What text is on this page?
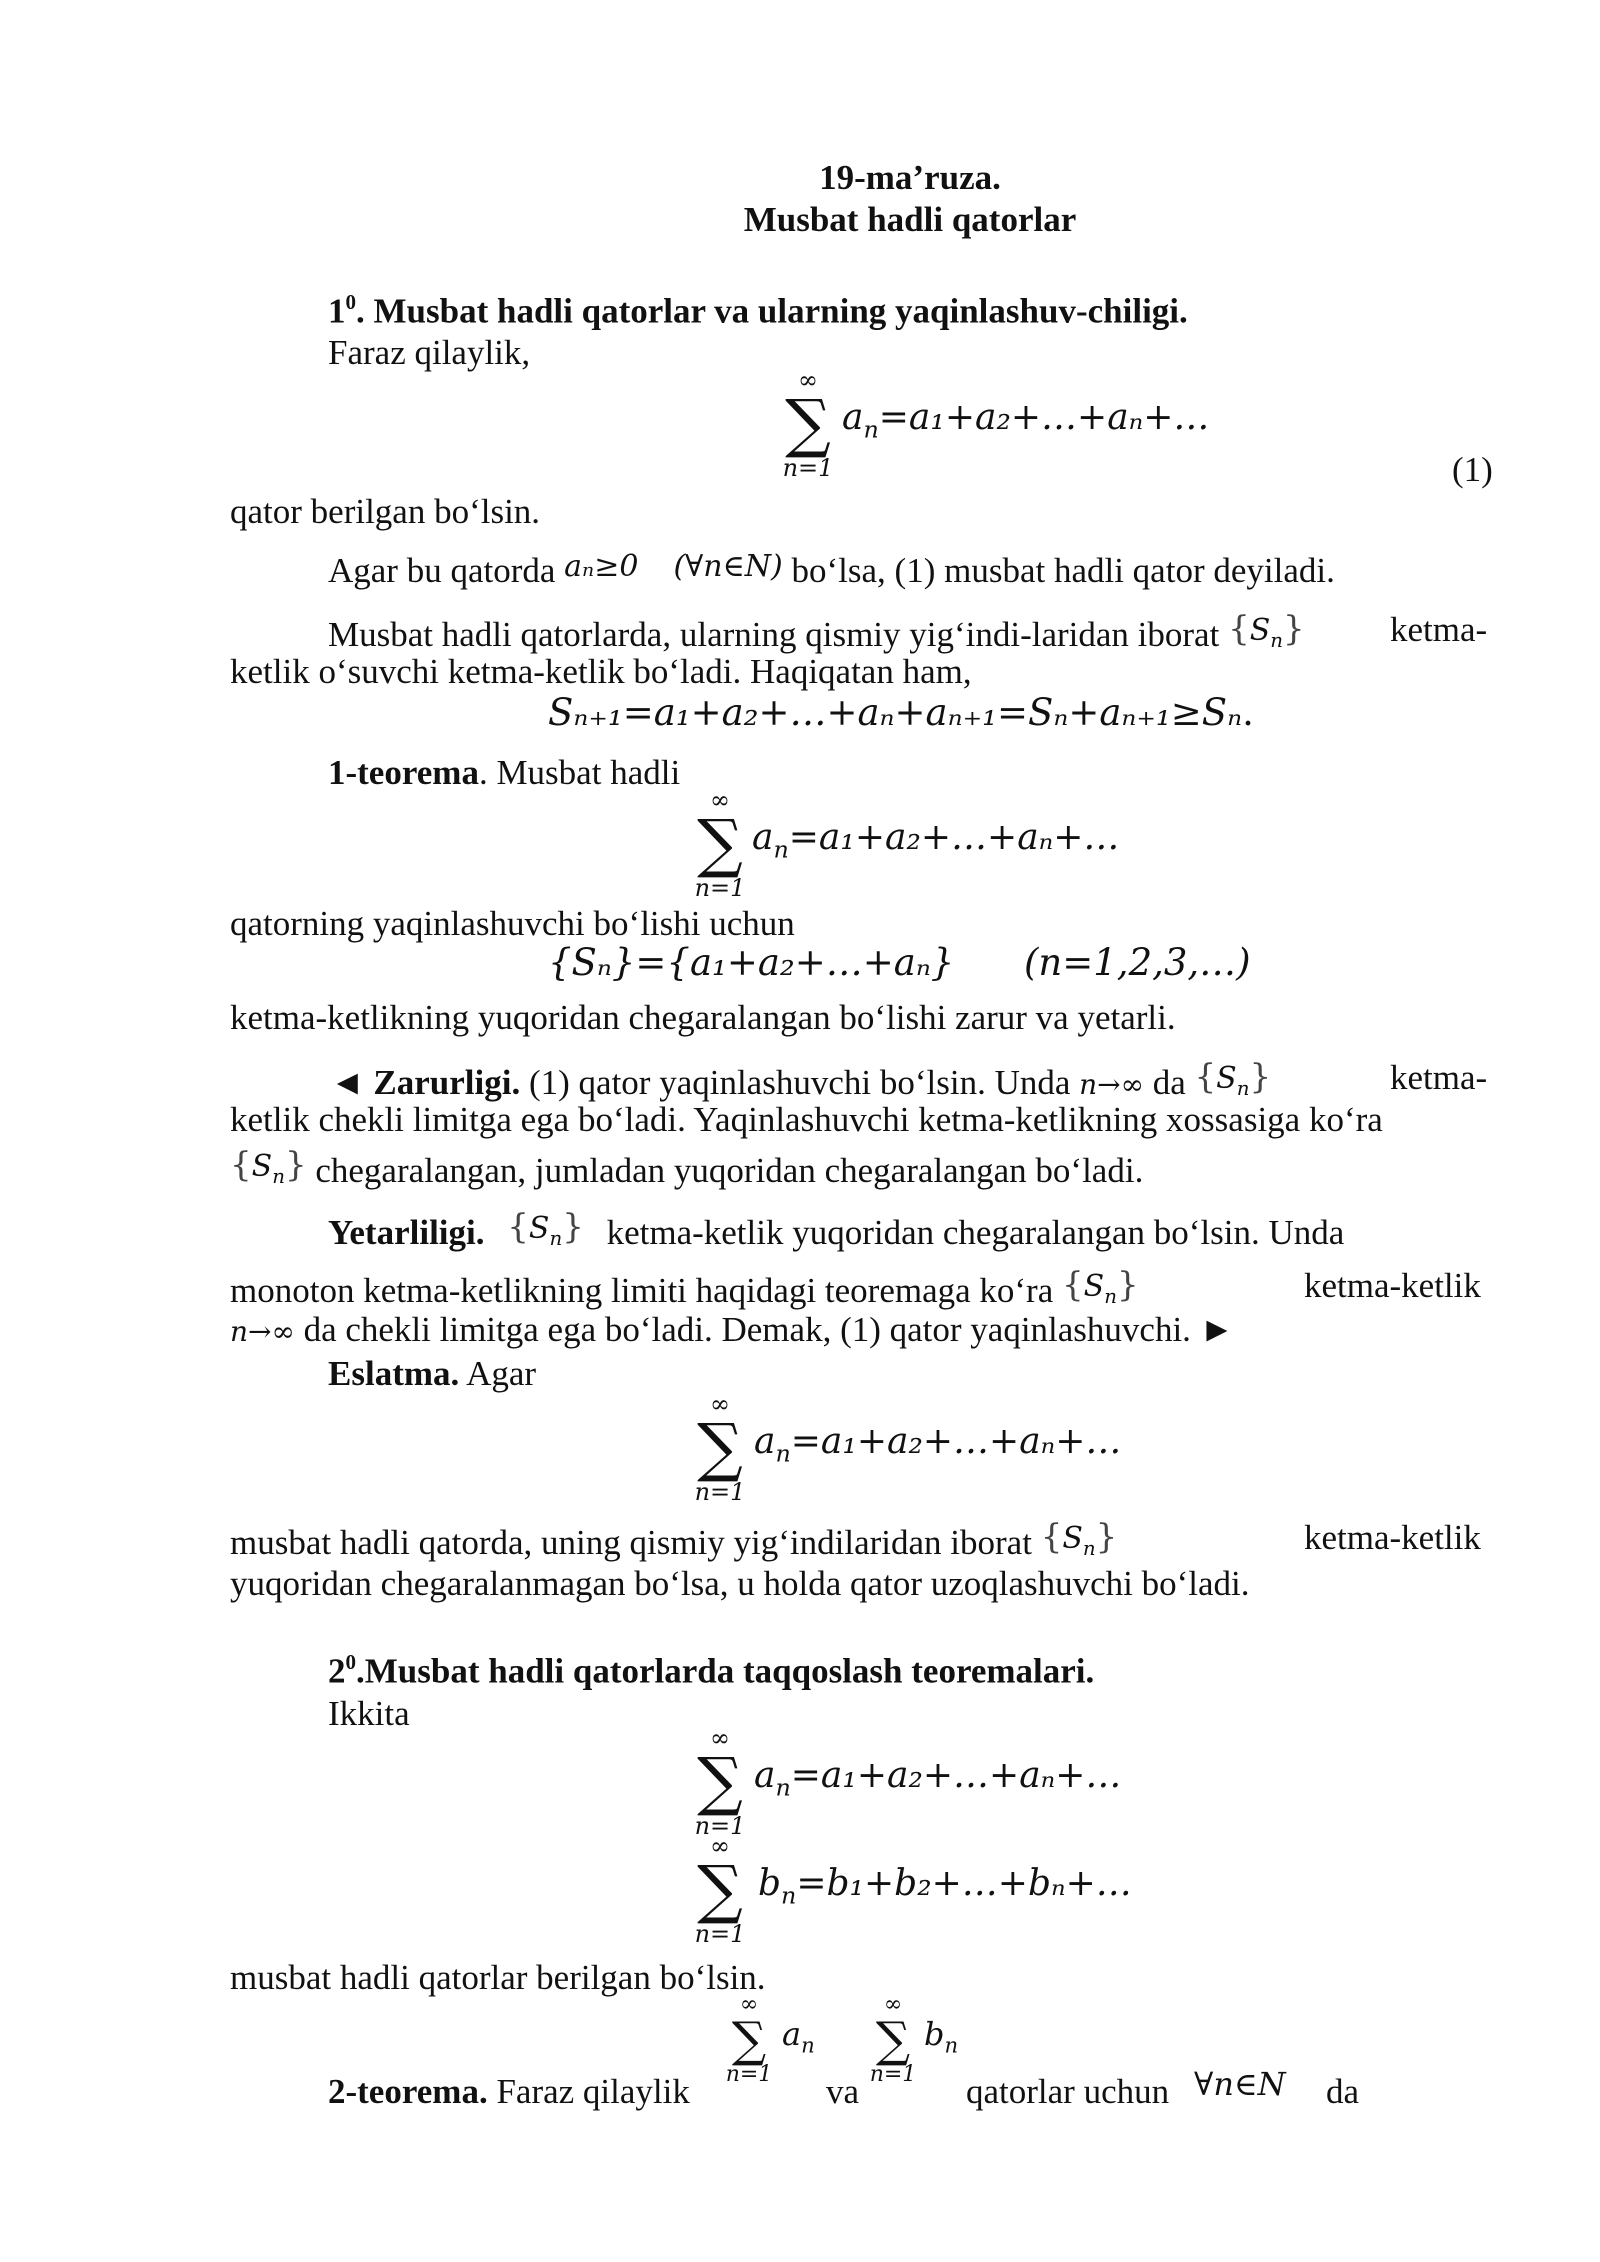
19-ma’ruza.
Musbat hadli qatorlar
$1^0$. Musbat hadli qatorlar va ularning yaqinlashuv-chiligi.
Faraz qilaylik,
∞
∑
n=1
$a_n=a_1+a_2+\dots+a_n+\dots$
(1)
qator berilgan bo‘lsin.
Agar bu qatorda aₙ≥0 (∀n∈N) bo‘lsa, (1) musbat hadli qator deyiladi.
Musbat hadli qatorlarda, ularning qismiy yig‘indi-laridan iborat $\{S_n\}$ ketma-
ketlik o‘suvchi ketma-ketlik bo‘ladi. Haqiqatan ham,
Sₙ₊₁=a₁+a₂+…+aₙ+aₙ₊₁=Sₙ+aₙ₊₁≥Sₙ.
1-teorema. Musbat hadli
∞
∑
n=1
$a_n=a_1+a_2+\dots+a_n+\dots$
qatorning yaqinlashuvchi bo‘lishi uchun
{Sₙ}={a₁+a₂+…+aₙ} (n=1,2,3,…)
ketma-ketlikning yuqoridan chegaralangan bo‘lishi zarur va yetarli.
◄ Zarurligi. (1) qator yaqinlashuvchi bo‘lsin. Unda n→∞ da $\{S_n\}$	ketma-
ketlik chekli limitga ega bo‘ladi. Yaqinlashuvchi ketma-ketlikning xossasiga ko‘ra
$\{S_n\}$ chegaralangan, jumladan yuqoridan chegaralangan bo‘ladi.
Yetarliligi. $\{S_n\}$ ketma-ketlik yuqoridan chegaralangan bo‘lsin. Unda
monoton ketma-ketlikning limiti haqidagi teoremaga ko‘ra $\{S_n\}$	ketma-ketlik
n→∞ da chekli limitga ega bo‘ladi. Demak, (1) qator yaqinlashuvchi. ►
Eslatma. Agar
∞
∑
n=1
$a_n=a_1+a_2+\dots+a_n+\dots$
musbat hadli qatorda, uning qismiy yig‘indilaridan iborat $\{S_n\}$	ketma-ketlik
yuqoridan chegaralanmagan bo‘lsa, u holda qator uzoqlashuvchi bo‘ladi.
$2^0.Musbat$ hadli qatorlarda taqqoslash teoremalari.
Ikkita
∞
∑
n=1
$a_n=a_1+a_2+\dots+a_n+\dots$
∞
∑
n=1
$b_n=b_1+b_2+\dots+b_n+\dots$
musbat hadli qatorlar berilgan bo‘lsin.
∞
∑
n=1
$a_n$
∞
∑
n=1
$b_n$
2-teorema. Faraz qilaylik	va	qatorlar uchun ∀n∈N da
